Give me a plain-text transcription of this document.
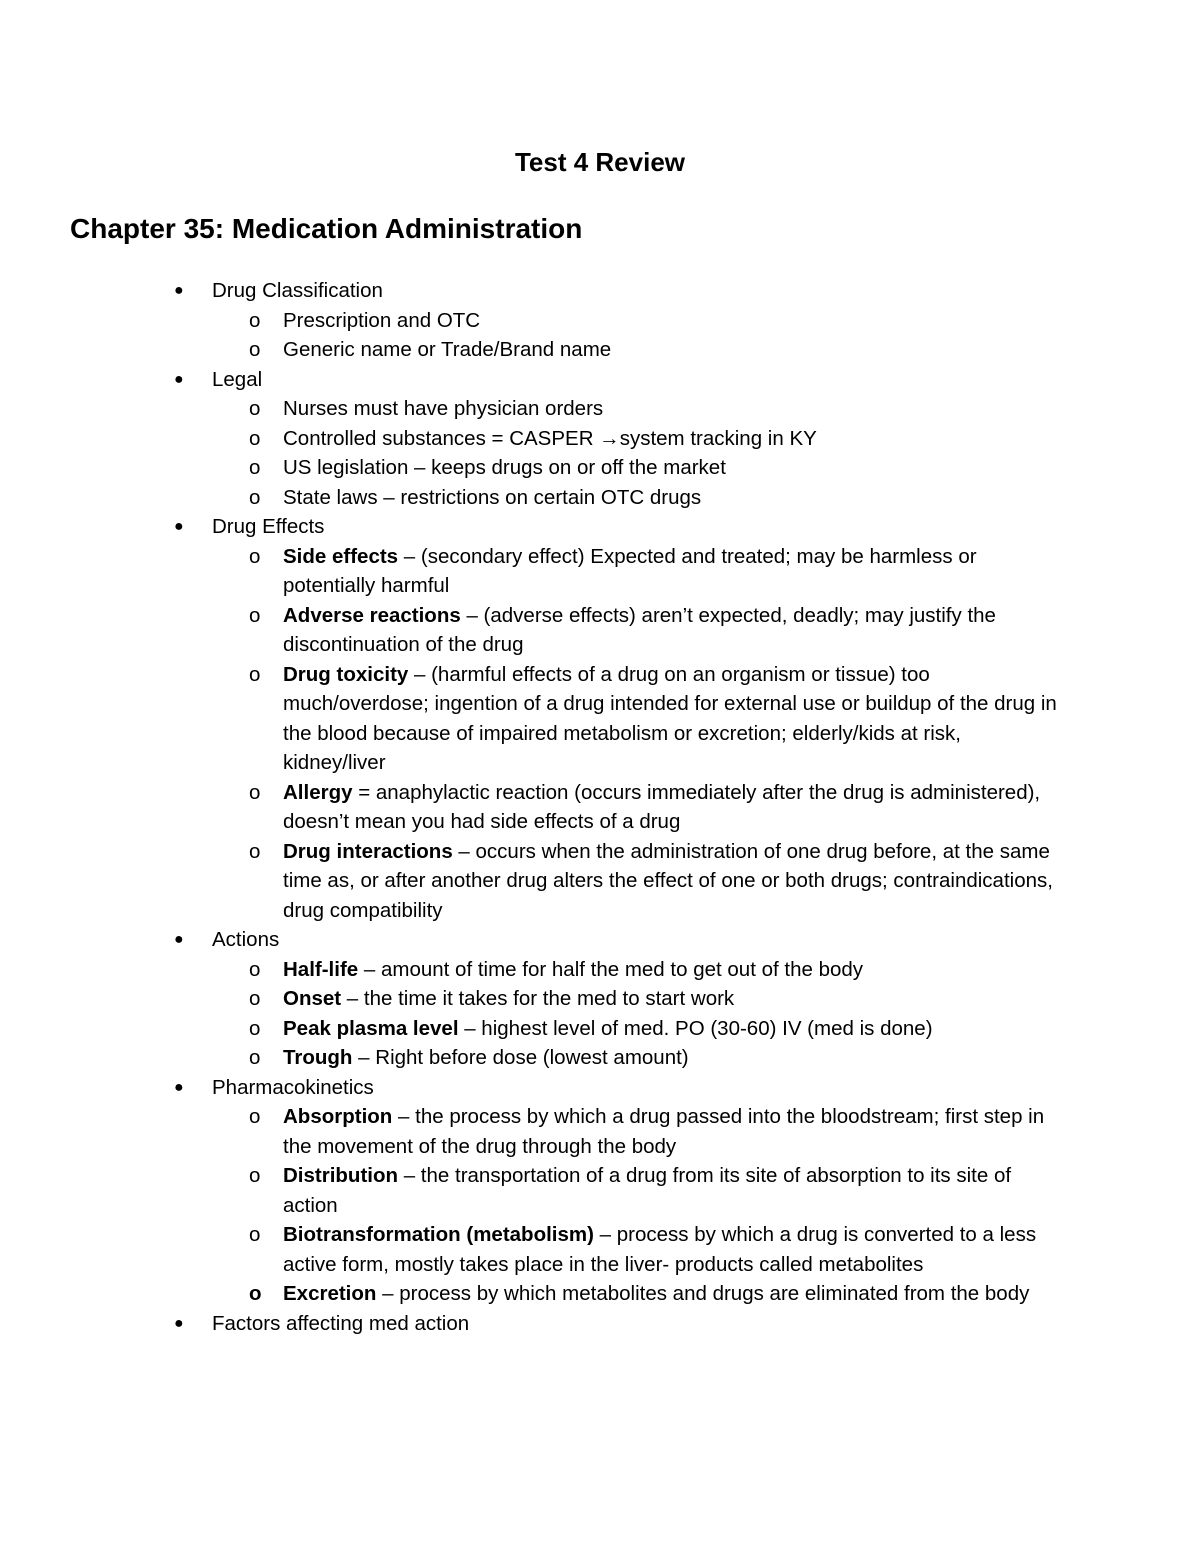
Test 4 Review
Chapter 35: Medication Administration
● Drug Classification
o Prescription and OTC
o Generic name or Trade/Brand name
● Legal
o Nurses must have physician orders
o Controlled substances = CASPER →system tracking in KY
o US legislation – keeps drugs on or off the market
o State laws – restrictions on certain OTC drugs
● Drug Effects
o Side effects – (secondary effect) Expected and treated; may be harmless or potentially harmful
o Adverse reactions – (adverse effects) aren’t expected, deadly; may justify the discontinuation of the drug
o Drug toxicity – (harmful effects of a drug on an organism or tissue) too much/overdose; ingention of a drug intended for external use or buildup of the drug in the blood because of impaired metabolism or excretion; elderly/kids at risk, kidney/liver
o Allergy = anaphylactic reaction (occurs immediately after the drug is administered), doesn’t mean you had side effects of a drug
o Drug interactions – occurs when the administration of one drug before, at the same time as, or after another drug alters the effect of one or both drugs; contraindications, drug compatibility
● Actions
o Half-life – amount of time for half the med to get out of the body
o Onset – the time it takes for the med to start work
o Peak plasma level – highest level of med. PO (30-60) IV (med is done)
o Trough – Right before dose (lowest amount)
● Pharmacokinetics
o Absorption – the process by which a drug passed into the bloodstream; first step in the movement of the drug through the body
o Distribution – the transportation of a drug from its site of absorption to its site of action
o Biotransformation (metabolism) – process by which a drug is converted to a less active form, mostly takes place in the liver- products called metabolites
o Excretion – process by which metabolites and drugs are eliminated from the body
● Factors affecting med action
